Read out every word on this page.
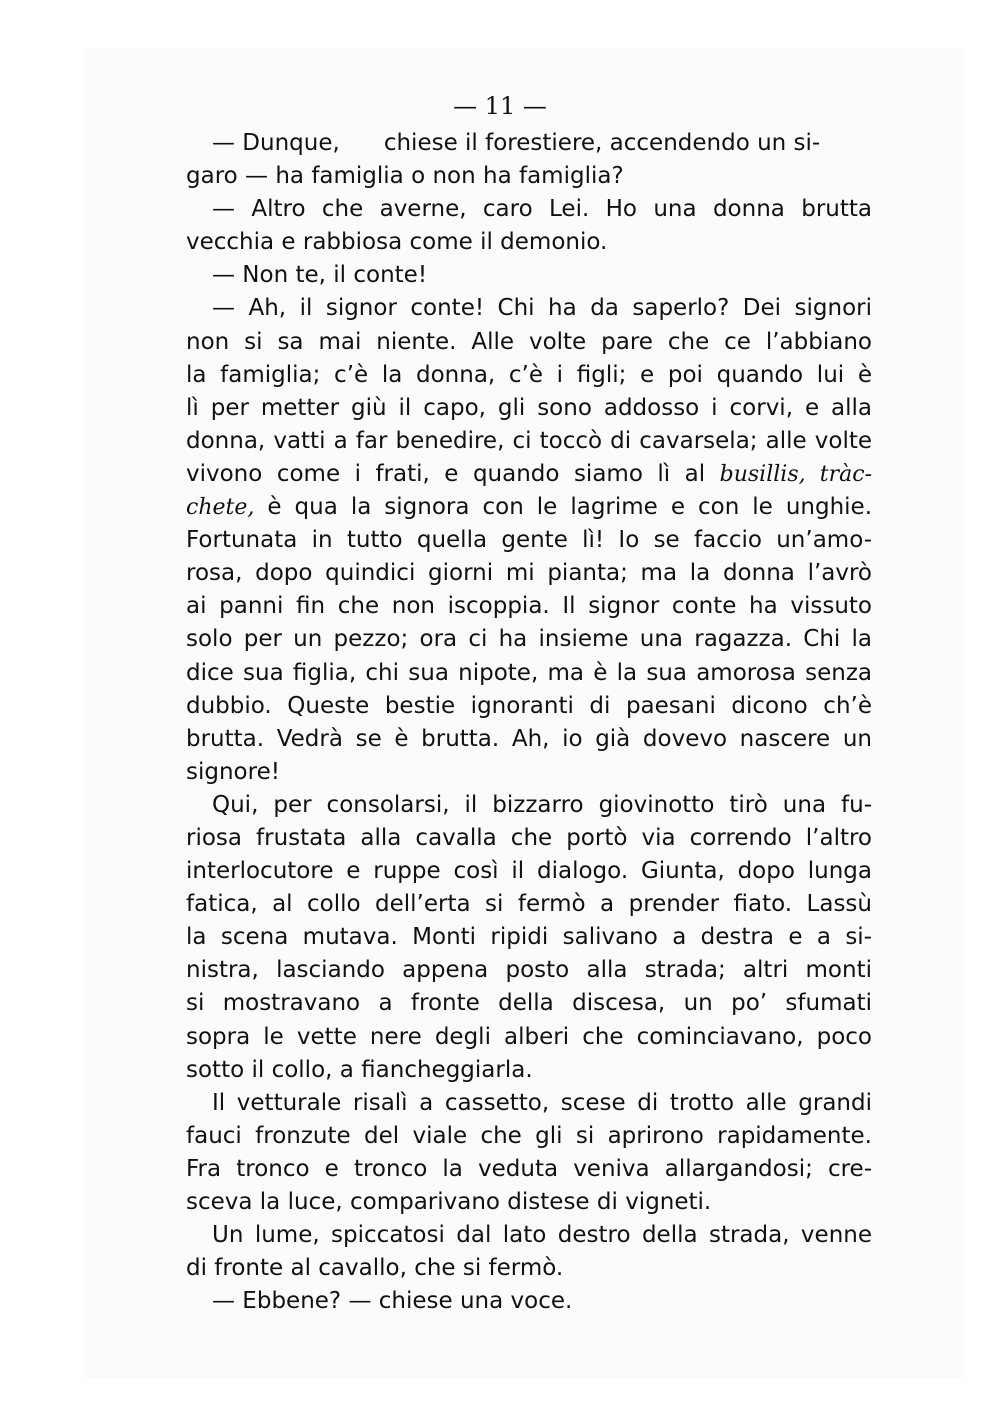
— 11 —
— Dunque, chiese il forestiere, accendendo un si-
garo — ha famiglia o non ha famiglia?
— Altro che averne, caro Lei. Ho una donna brutta
vecchia e rabbiosa come il demonio.
— Non te, il conte!
— Ah, il signor conte! Chi ha da saperlo? Dei signori
non si sa mai niente. Alle volte pare che ce l’abbiano
la famiglia; c’è la donna, c’è i figli; e poi quando lui è
lì per metter giù il capo, gli sono addosso i corvi, e alla
donna, vatti a far benedire, ci toccò di cavarsela; alle volte
vivono come i frati, e quando siamo lì al busillis, tràc-
chete, è qua la signora con le lagrime e con le unghie.
Fortunata in tutto quella gente lì! Io se faccio un’amo-
rosa, dopo quindici giorni mi pianta; ma la donna l’avrò
ai panni fin che non iscoppia. Il signor conte ha vissuto
solo per un pezzo; ora ci ha insieme una ragazza. Chi la
dice sua figlia, chi sua nipote, ma è la sua amorosa senza
dubbio. Queste bestie ignoranti di paesani dicono ch’è
brutta. Vedrà se è brutta. Ah, io già dovevo nascere un
signore!
Qui, per consolarsi, il bizzarro giovinotto tirò una fu-
riosa frustata alla cavalla che portò via correndo l’altro
interlocutore e ruppe così il dialogo. Giunta, dopo lunga
fatica, al collo dell’erta si fermò a prender fiato. Lassù
la scena mutava. Monti ripidi salivano a destra e a si-
nistra, lasciando appena posto alla strada; altri monti
si mostravano a fronte della discesa, un po’ sfumati
sopra le vette nere degli alberi che cominciavano, poco
sotto il collo, a fiancheggiarla.
Il vetturale risalì a cassetto, scese di trotto alle grandi
fauci fronzute del viale che gli si aprirono rapidamente.
Fra tronco e tronco la veduta veniva allargandosi; cre-
sceva la luce, comparivano distese di vigneti.
Un lume, spiccatosi dal lato destro della strada, venne
di fronte al cavallo, che si fermò.
— Ebbene? — chiese una voce.
